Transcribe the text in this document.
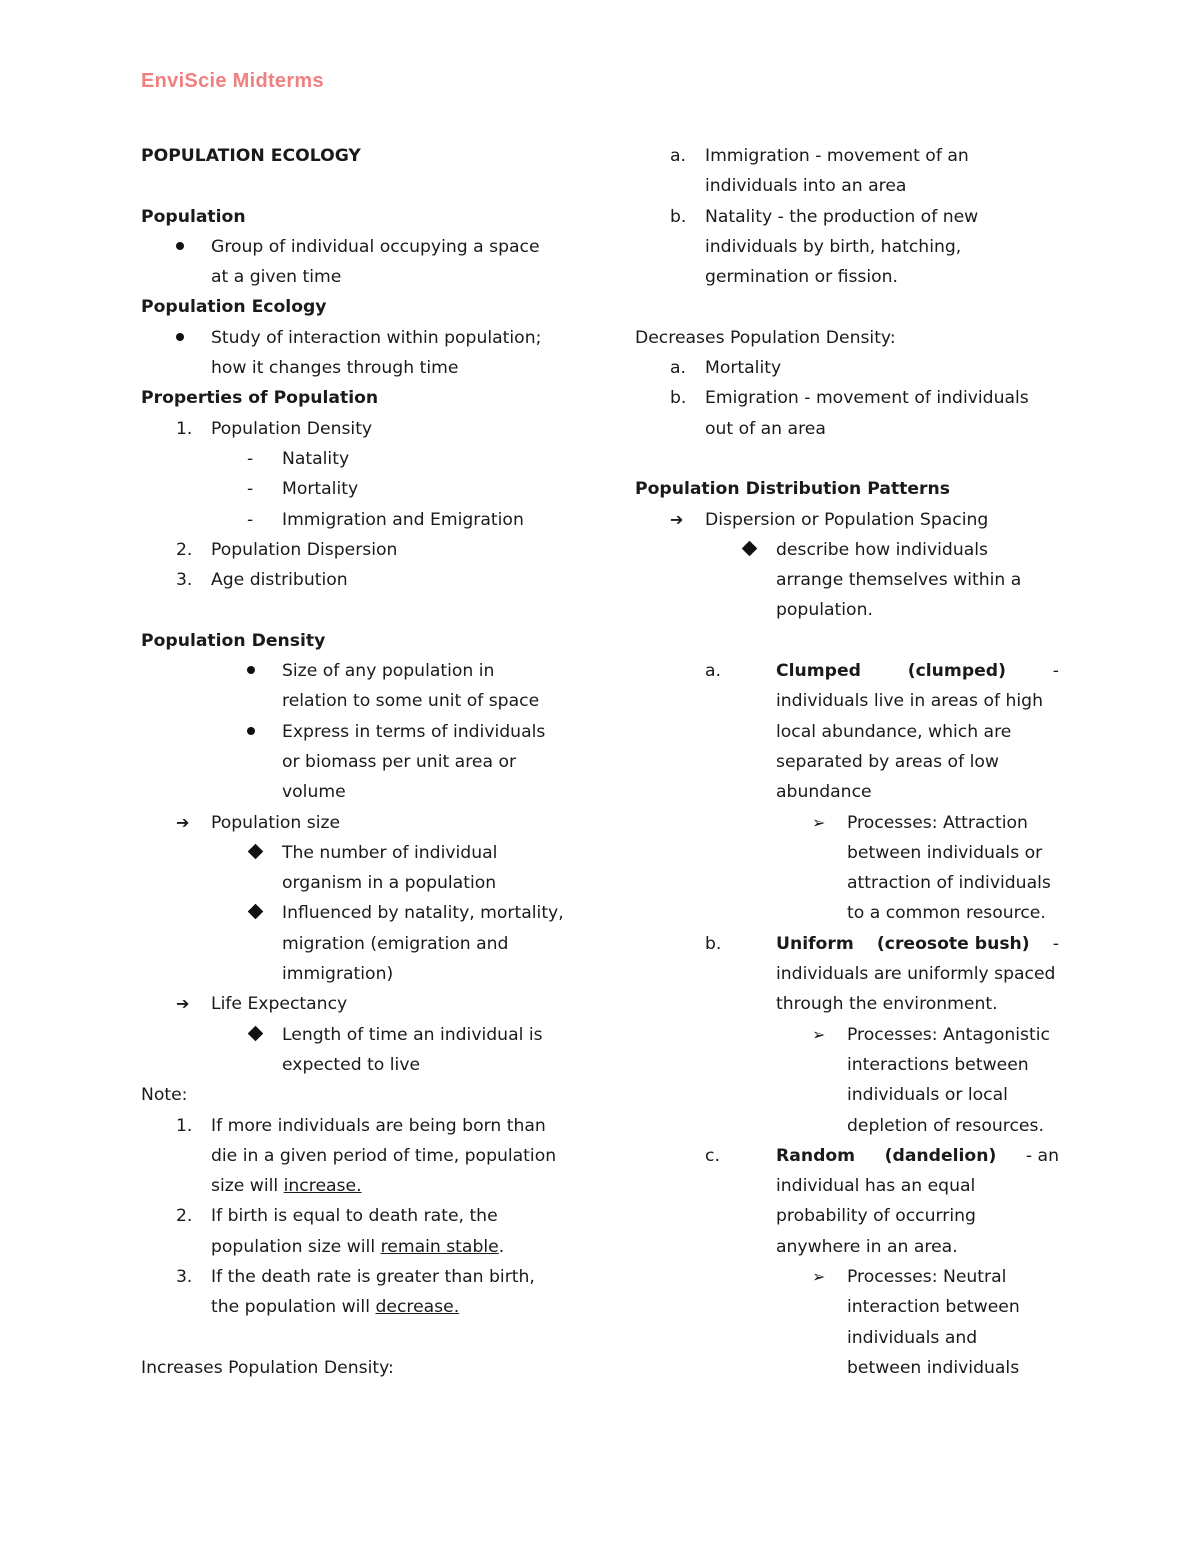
EnviScie Midterms
POPULATION ECOLOGY
Population
Group of individual occupying a space
at a given time
Population Ecology
Study of interaction within population;
how it changes through time
Properties of Population
1.	Population Density
-	Natality
-	Mortality
-	Immigration and Emigration
2.	Population Dispersion
3.	Age distribution
Population Density
Size of any population in
relation to some unit of space
Express in terms of individuals
or biomass per unit area or
volume
➔	Population size
The number of individual
organism in a population
Influenced by natality, mortality,
migration (emigration and
immigration)
➔	Life Expectancy
Length of time an individual is
expected to live
Note:
1.	If more individuals are being born than
die in a given period of time, population
size will increase.
2.	If birth is equal to death rate, the
population size will remain stable.
3.	If the death rate is greater than birth,
the population will decrease.
Increases Population Density:
a.	Immigration - movement of an
individuals into an area
b.	Natality - the production of new
individuals by birth, hatching,
germination or fission.
Decreases Population Density:
a.	Mortality
b.	Emigration - movement of individuals
out of an area
Population Distribution Patterns
➔	Dispersion or Population Spacing
describe how individuals
arrange themselves within a
population.
a.	Clumped	(clumped)	-
individuals live in areas of high
local abundance, which are
separated by areas of low
abundance
➢	Processes: Attraction
between individuals or
attraction of individuals
to a common resource.
b.	Uniform (creosote bush) -
individuals are uniformly spaced
through the environment.
➢	Processes: Antagonistic
interactions between
individuals or local
depletion of resources.
c.	Random (dandelion) - an
individual has an equal
probability of occurring
anywhere in an area.
➢	Processes: Neutral
interaction between
individuals and
between individuals
